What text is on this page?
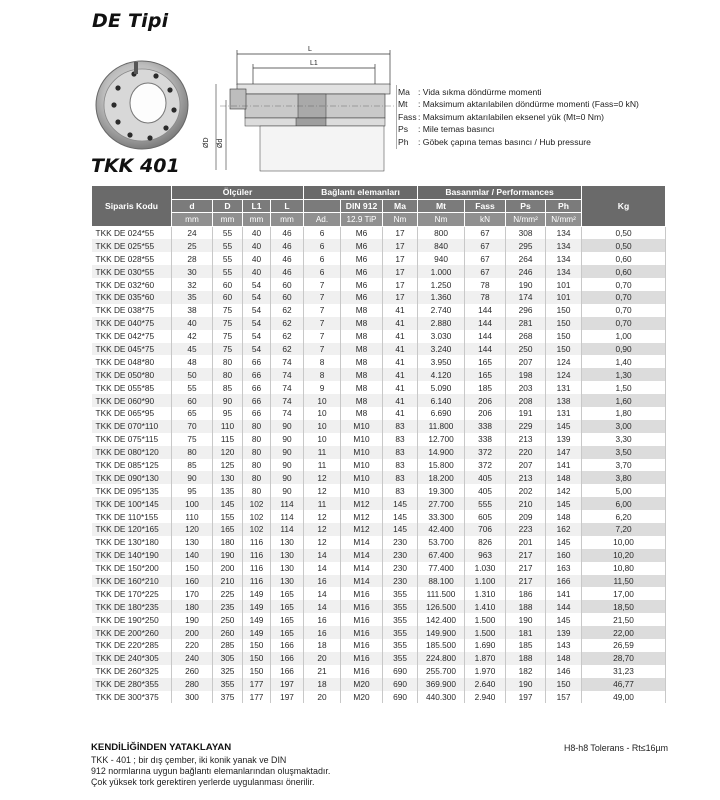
DE Tipi
L
L1
ØD Ød
Ma : Vida sıkma döndürme momenti
Mt	: Maksimum aktarılabilen döndürme momenti (Fass=0 kN)
Fass : Maksimum aktarılabilen eksenel yük (Mt=0 Nm)
Ps	: Mile temas basıncı
Ph	: Göbek çapına temas basıncı / Hub pressure
TKK 401
Siparis Kodu	Ölçüler				Bağlantı elemanları			Basanmlar / Performances				Kg
	d	D	L1	L		DIN 912	Ma	Mt	Fass	Ps	Ph	
	mm	mm	mm	mm	Ad.	12.9 TiP	Nm	Nm	kN	N/mm²	N/mm²	
TKK DE 024*55	24	55	40	46	6	M6	17	800	67	308	134	0,50
TKK DE 025*55	25	55	40	46	6	M6	17	840	67	295	134	0,50
TKK DE 028*55	28	55	40	46	6	M6	17	940	67	264	134	0,60
TKK DE 030*55	30	55	40	46	6	M6	17	1.000	67	246	134	0,60
TKK DE 032*60	32	60	54	60	7	M6	17	1.250	78	190	101	0,70
TKK DE 035*60	35	60	54	60	7	M6	17	1.360	78	174	101	0,70
TKK DE 038*75	38	75	54	62	7	M8	41	2.740	144	296	150	0,70
TKK DE 040*75	40	75	54	62	7	M8	41	2.880	144	281	150	0,70
TKK DE 042*75	42	75	54	62	7	M8	41	3.030	144	268	150	1,00
TKK DE 045*75	45	75	54	62	7	M8	41	3.240	144	250	150	0,90
TKK DE 048*80	48	80	66	74	8	M8	41	3.950	165	207	124	1,40
TKK DE 050*80	50	80	66	74	8	M8	41	4.120	165	198	124	1,30
TKK DE 055*85	55	85	66	74	9	M8	41	5.090	185	203	131	1,50
TKK DE 060*90	60	90	66	74	10	M8	41	6.140	206	208	138	1,60
TKK DE 065*95	65	95	66	74	10	M8	41	6.690	206	191	131	1,80
TKK DE 070*110	70	110	80	90	10	M10	83	11.800	338	229	145	3,00
TKK DE 075*115	75	115	80	90	10	M10	83	12.700	338	213	139	3,30
TKK DE 080*120	80	120	80	90	11	M10	83	14.900	372	220	147	3,50
TKK DE 085*125	85	125	80	90	11	M10	83	15.800	372	207	141	3,70
TKK DE 090*130	90	130	80	90	12	M10	83	18.200	405	213	148	3,80
TKK DE 095*135	95	135	80	90	12	M10	83	19.300	405	202	142	5,00
TKK DE 100*145	100	145	102	114	11	M12	145	27.700	555	210	145	6,00
TKK DE 110*155	110	155	102	114	12	M12	145	33.300	605	209	148	6,20
TKK DE 120*165	120	165	102	114	12	M12	145	42.400	706	223	162	7,20
TKK DE 130*180	130	180	116	130	12	M14	230	53.700	826	201	145	10,00
TKK DE 140*190	140	190	116	130	14	M14	230	67.400	963	217	160	10,20
TKK DE 150*200	150	200	116	130	14	M14	230	77.400	1.030	217	163	10,80
TKK DE 160*210	160	210	116	130	16	M14	230	88.100	1.100	217	166	11,50
TKK DE 170*225	170	225	149	165	14	M16	355	111.500	1.310	186	141	17,00
TKK DE 180*235	180	235	149	165	14	M16	355	126.500	1.410	188	144	18,50
TKK DE 190*250	190	250	149	165	16	M16	355	142.400	1.500	190	145	21,50
TKK DE 200*260	200	260	149	165	16	M16	355	149.900	1.500	181	139	22,00
TKK DE 220*285	220	285	150	166	18	M16	355	185.500	1.690	185	143	26,59
TKK DE 240*305	240	305	150	166	20	M16	355	224.800	1.870	188	148	28,70
TKK DE 260*325	260	325	150	166	21	M16	690	255.700	1.970	182	146	31,23
TKK DE 280*355	280	355	177	197	18	M20	690	369.900	2.640	190	150	46,77
TKK DE 300*375	300	375	177	197	20	M20	690	440.300	2.940	197	157	49,00
KENDİLİĞİNDEN YATAKLAYAN
TKK - 401 ; bir dış çember, iki konik yanak ve DIN
912 normlarına uygun bağlantı elemanlarından oluşmaktadır.
Çok yüksek tork gerektiren yerlerde uygulanması önerilir.
H8-h8 Tolerans - Rt≤16µm
